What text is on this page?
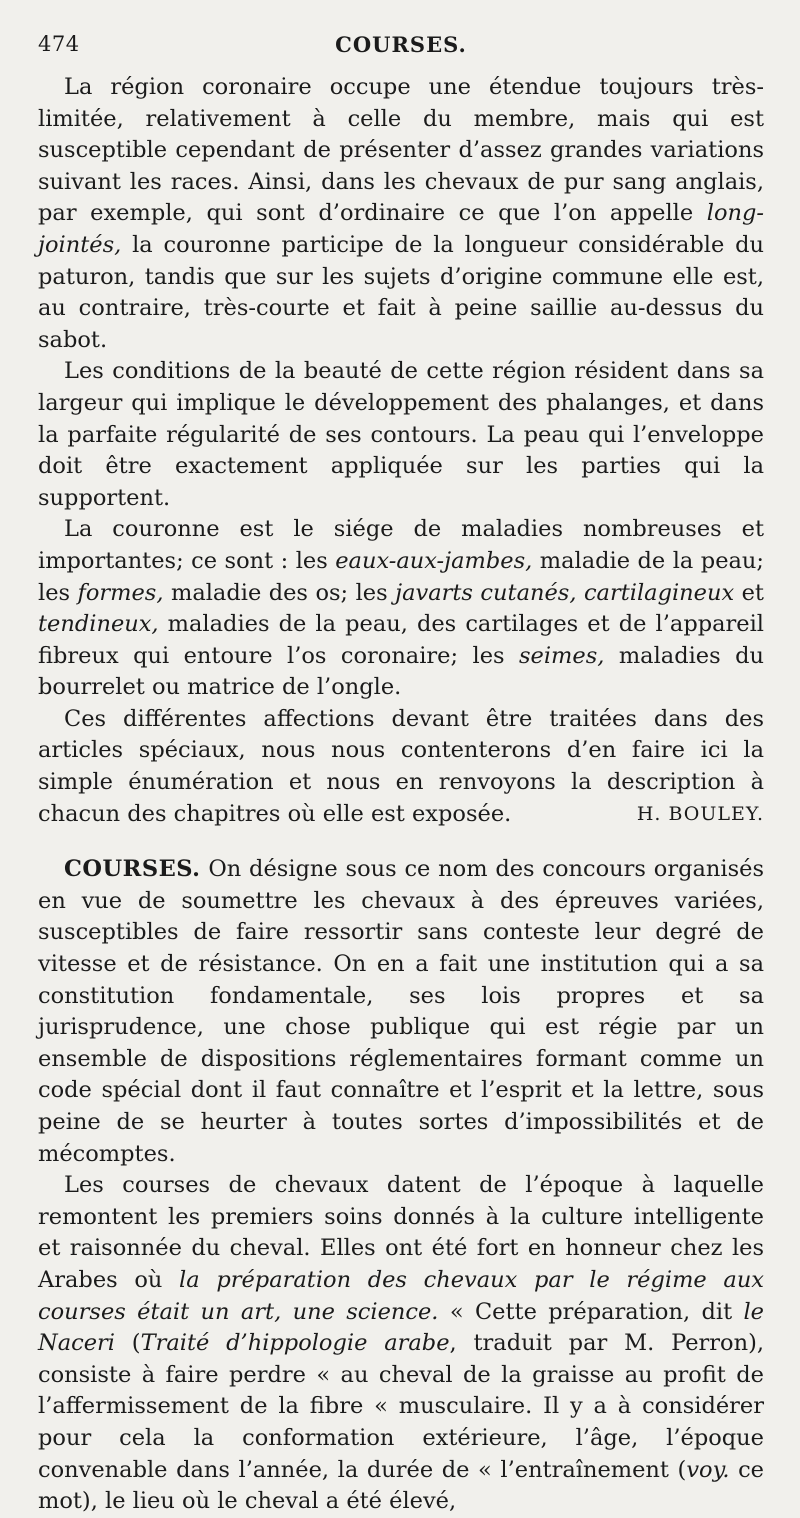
474	COURSES.

La région coronaire occupe une étendue toujours très-limitée, relativement à celle du membre, mais qui est susceptible cependant de présenter d’assez grandes variations suivant les races. Ainsi, dans les chevaux de pur sang anglais, par exemple, qui sont d’ordinaire ce que l’on appelle long-jointés, la couronne participe de la longueur considérable du paturon, tandis que sur les sujets d’origine commune elle est, au contraire, très-courte et fait à peine saillie au-dessus du sabot.

Les conditions de la beauté de cette région résident dans sa largeur qui implique le développement des phalanges, et dans la parfaite régularité de ses contours. La peau qui l’enveloppe doit être exactement appliquée sur les parties qui la supportent.

La couronne est le siége de maladies nombreuses et importantes; ce sont : les eaux-aux-jambes, maladie de la peau; les formes, maladie des os; les javarts cutanés, cartilagineux et tendineux, maladies de la peau, des cartilages et de l’appareil fibreux qui entoure l’os coronaire; les seimes, maladies du bourrelet ou matrice de l’ongle.

Ces différentes affections devant être traitées dans des articles spéciaux, nous nous contenterons d’en faire ici la simple énumération et nous en renvoyons la description à chacun des chapitres où elle est exposée.	H. BOULEY.

COURSES. On désigne sous ce nom des concours organisés en vue de soumettre les chevaux à des épreuves variées, susceptibles de faire ressortir sans conteste leur degré de vitesse et de résistance. On en a fait une institution qui a sa constitution fondamentale, ses lois propres et sa jurisprudence, une chose publique qui est régie par un ensemble de dispositions réglementaires formant comme un code spécial dont il faut connaître et l’esprit et la lettre, sous peine de se heurter à toutes sortes d’impossibilités et de mécomptes.

Les courses de chevaux datent de l’époque à laquelle remontent les premiers soins donnés à la culture intelligente et raisonnée du cheval. Elles ont été fort en honneur chez les Arabes où la préparation des chevaux par le régime aux courses était un art, une science. « Cette préparation, dit le Naceri (Traité d’hippologie arabe, traduit par M. Perron), consiste à faire perdre « au cheval de la graisse au profit de l’affermissement de la fibre « musculaire. Il y a à considérer pour cela la conformation extérieure, l’âge, l’époque convenable dans l’année, la durée de « l’entraînement (voy. ce mot), le lieu où le cheval a été élevé,
